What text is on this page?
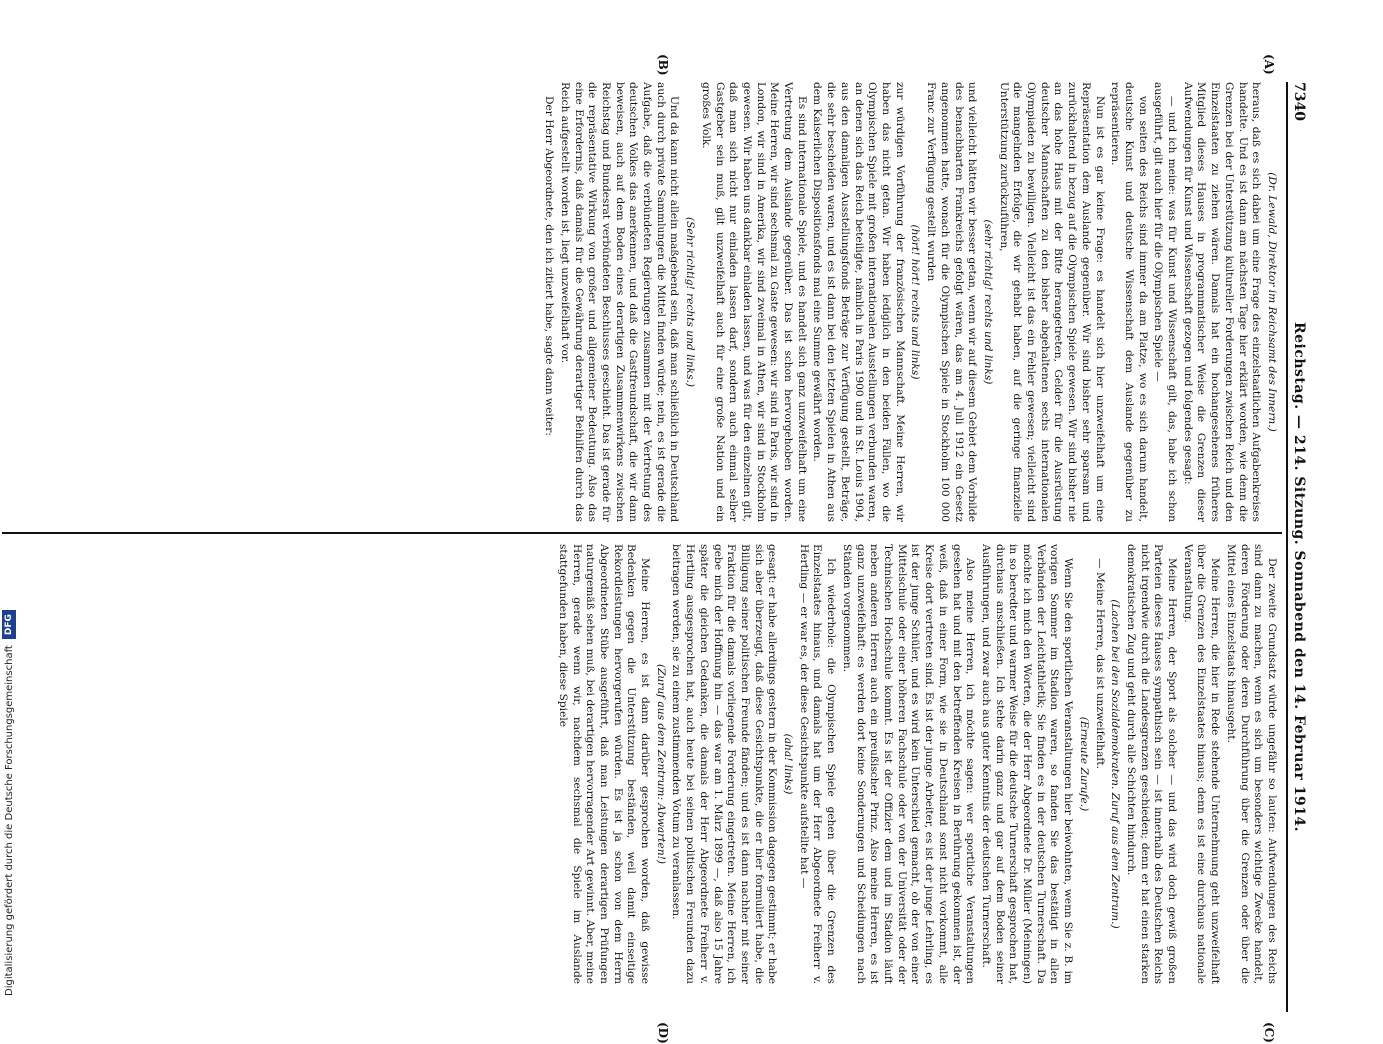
7340
Reichstag. — 214. Sitzung. Sonnabend den 14. Februar 1914.
(A)
(B)
(C)
(D)

(Dr. Lewald, Direktor im Reichsamt des Innern.)

heraus, daß es sich dabei um eine Frage des einzelstaatlichen Aufgabenkreises handelte. Und es ist dann am nächsten Tage hier erklärt worden, wie denn die Grenzen bei der Unterstützung kultureller Forderungen zwischen Reich und den Einzelstaaten zu ziehen wären. Damals hat ein hochangesehenes früheres Mitglied dieses Hauses in programmatischer Weise die Grenzen dieser Aufwendungen für Kunst und Wissenschaft gezogen und folgendes gesagt:

— und ich meine: was für Kunst und Wissenschaft gilt, das, habe ich schon ausgeführt, gilt auch hier für die Olympischen Spiele —

von seiten des Reichs sind immer da am Platze, wo es sich darum handelt, deutsche Kunst und deutsche Wissenschaft dem Auslande gegenüber zu repräsentieren.

Nun ist es gar keine Frage: es handelt sich hier unzweifelhaft um eine Repräsentation dem Auslande gegenüber. Wir sind bisher sehr sparsam und zurückhaltend in bezug auf die Olympischen Spiele gewesen. Wir sind bisher nie an das hohe Haus mit der Bitte herangetreten, Gelder für die Ausrüstung deutscher Mannschaften zu den bisher abgehaltenen sechs internationalen Olympiaden zu bewilligen. Vielleicht ist das ein Fehler gewesen; vielleicht sind die mangelnden Erfolge, die wir gehabt haben, auf die geringe finanzielle Unterstützung zurückzuführen,

(sehr richtig! rechts und links)

und vielleicht hätten wir besser getan, wenn wir auf diesem Gebiet dem Vorbilde des benachbarten Frankreichs gefolgt wären, das am 4. Juli 1912 ein Gesetz angenommen hatte, wonach für die Olympischen Spiele in Stockholm 100 000 Franc zur Verfügung gestellt wurden

(hört! hört! rechts und links)

zur würdigen Vorführung der französischen Mannschaft. Meine Herren, wir haben das nicht getan. Wir haben lediglich in den beiden Fällen, wo die Olympischen Spiele mit großen internationalen Ausstellungen verbunden waren, an denen sich das Reich beteiligte, nämlich in Paris 1900 und in St. Louis 1904, aus den damaligen Ausstellungsfonds Beträge zur Verfügung gestellt, Beträge, die sehr bescheiden waren, und es ist dann bei den letzten Spielen in Athen aus dem Kaiserlichen Dispositionsfonds mal eine Summe gewährt worden.

Es sind internationale Spiele, und es handelt sich ganz unzweifelhaft um eine Vertretung dem Auslande gegenüber. Das ist schon hervorgehoben worden. Meine Herren, wir sind sechsmal zu Gaste gewesen: wir sind in Paris, wir sind in London, wir sind in Amerika, wir sind zweimal in Athen, wir sind in Stockholm gewesen. Wir haben uns dankbar einladen lassen, und was für den einzelnen gilt, daß man sich nicht nur einladen lassen darf, sondern auch einmal selber Gastgeber sein muß, gilt unzweifelhaft auch für eine große Nation und ein großes Volk.

(Sehr richtig! rechts und links.)

Und da kann nicht allein maßgebend sein, daß man schließlich in Deutschland auch durch private Sammlungen die Mittel finden würde; nein, es ist gerade die Aufgabe, daß die verbündeten Regierungen zusammen mit der Vertretung des deutschen Volkes das anerkennen, und daß die Gastfreundschaft, die wir dann beweisen, auch auf dem Boden eines derartigen Zusammenwirkens zwischen Reichstag und Bundesrat verbündeten Beschlusses geschieht. Das ist gerade für die repräsentative Wirkung von großer und allgemeiner Bedeutung. Also das eine Erfordernis, daß damals für die Gewährung derartiger Beihilfen durch das Reich aufgestellt worden ist, liegt unzweifelhaft vor.

Der Herr Abgeordnete, den ich zitiert habe, sagte dann weiter:

Der zweite Grundsatz würde ungefähr so lauten: Aufwendungen des Reichs sind dann zu machen, wenn es sich um besonders wichtige Zwecke handelt, deren Förderung oder deren Durchführung über die Grenzen oder über die Mittel eines Einzelstaats hinausgeht.

Meine Herren, die hier in Rede stehende Unternehmung geht unzweifelhaft über die Grenzen des Einzelstaates hinaus; denn es ist eine durchaus nationale Veranstaltung.

Meine Herren, der Sport als solcher — und das wird doch gewiß großen Parteien dieses Hauses sympathisch sein — ist innerhalb des Deutschen Reichs nicht irgendwie durch die Landesgrenzen geschieden; denn er hat einen starken demokratischen Zug und geht durch alle Schichten hindurch.

(Lachen bei den Sozialdemokraten. Zuruf aus dem Zentrum.)

— Meine Herren, das ist unzweifelhaft.

(Erneute Zurufe.)

Wenn Sie den sportlichen Veranstaltungen hier beiwohnten, wenn Sie z. B. im vorigen Sommer im Stadion waren, so fanden Sie das bestätigt in allen Verbänden der Leichtathletik; Sie finden es in der deutschen Turnerschaft. Da möchte ich mich den Worten, die der Herr Abgeordnete Dr. Müller (Meiningen) in so beredter und warmer Weise für die deutsche Turnerschaft gesprochen hat, durchaus anschließen. Ich stehe darin ganz und gar auf dem Boden seiner Ausführungen, und zwar auch aus guter Kenntnis der deutschen Turnerschaft.

Also meine Herren, ich möchte sagen: wer sportliche Veranstaltungen gesehen hat und mit den betreffenden Kreisen in Berührung gekommen ist, der weiß, daß in einer Form, wie sie in Deutschland sonst nicht vorkommt, alle Kreise dort vertreten sind. Es ist der junge Arbeiter, es ist der junge Lehrling, es ist der junge Schüler, und es wird kein Unterschied gemacht, ob der von einer Mittelschule oder einer höheren Fachschule oder von der Universität oder der Technischen Hochschule kommt. Es ist der Offizier dem und im Stadion läuft neben anderen Herren auch ein preußischer Prinz. Also meine Herren, es ist ganz unzweifelhaft: es werden dort keine Sonderungen und Scheidungen nach Ständen vorgenommen.

Ich wiederhole: die Olympischen Spiele gehen über die Grenzen des Einzelstaates hinaus, und damals hat um der Herr Abgeordnete Freiherr v. Hertling — er war es, der diese Gesichtspunkte aufstellte hat —

(aha! links)

gesagt: er habe allerdings gestern in der Kommission dagegen gestimmt; er habe sich aber überzeugt, daß diese Gesichtspunkte, die er hier formuliert habe, die Billigung seiner politischen Freunde fänden; und es ist dann nachher mit seiner Fraktion für die damals vorliegende Forderung eingetreten. Meine Herren, ich gebe mich der Hoffnung hin — das war am 1. März 1899 —, daß also 15 Jahre später die gleichen Gedanken, die damals der Herr Abgeordnete Freiherr v. Hertling ausgesprochen hat, auch heute bei seinen politischen Freunden dazu beitragen werden, sie zu einem zustimmenden Votum zu veranlassen.

(Zuruf aus dem Zentrum: Abwarten!)

Meine Herren, es ist dann darüber gesprochen worden, daß gewisse Bedenken gegen die Unterstützung beständen, weil damit einseitige Rekordleistungen hervorgerufen würden. Es ist ja schon von dem Herrn Abgeordneten Stübe ausgeführt, daß man Leistungen derartigen Prüfungen naturgemäß sehen muß, bei derartigen hervorragender Art gewinnt. Aber, meine Herren, gerade wenn wir, nachdem sechsmal die Spiele im Auslande stattgefunden haben, diese Spiele

Digitalisierung gefördert durch die Deutsche Forschungsgemeinschaft
DFG
